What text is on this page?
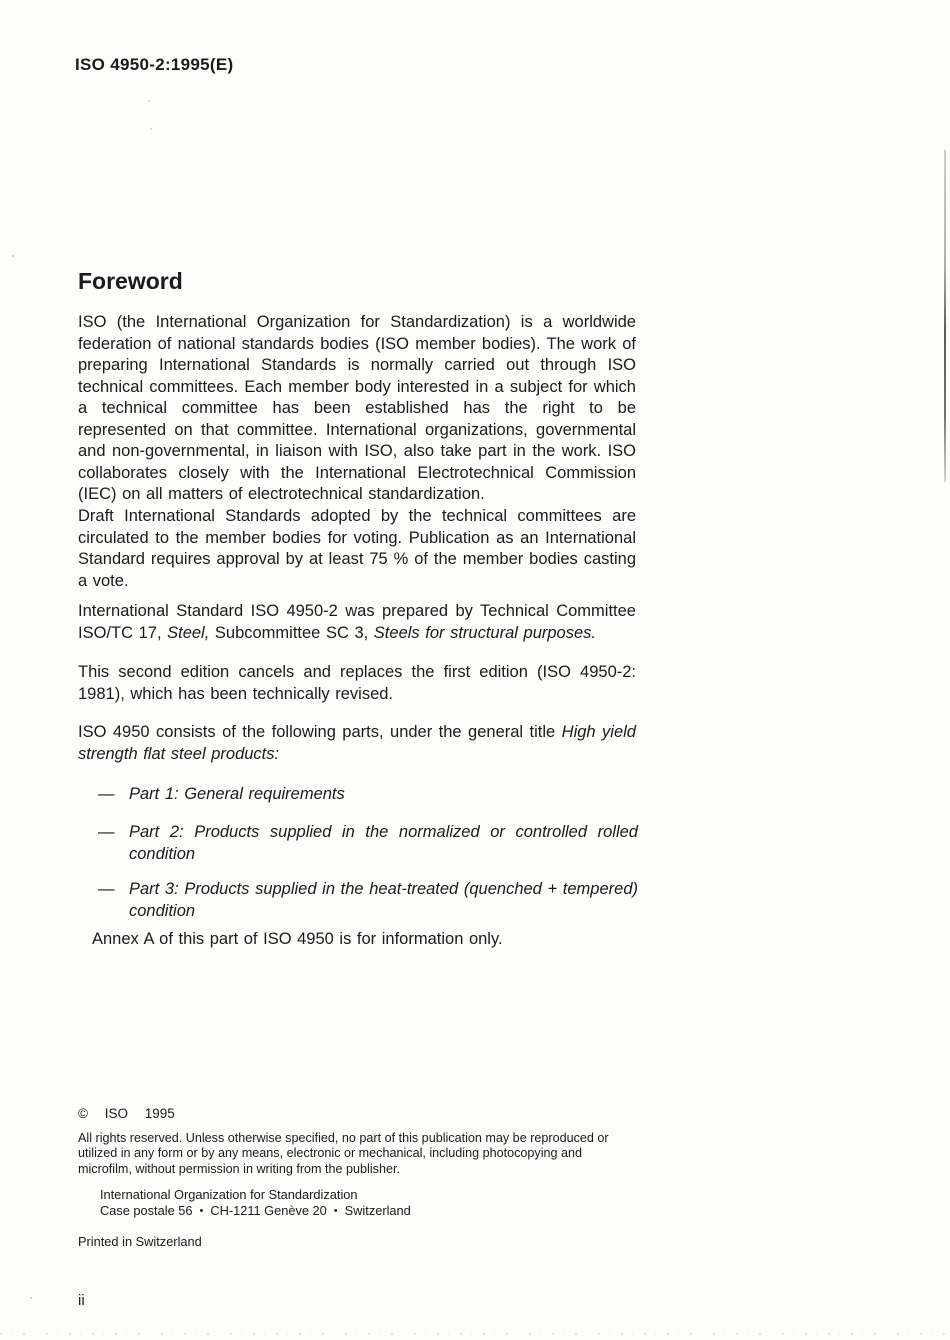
ISO 4950-2:1995(E)
Foreword
ISO (the International Organization for Standardization) is a worldwide federation of national standards bodies (ISO member bodies). The work of preparing International Standards is normally carried out through ISO technical committees. Each member body interested in a subject for which a technical committee has been established has the right to be represented on that committee. International organizations, governmental and non-governmental, in liaison with ISO, also take part in the work. ISO collaborates closely with the International Electrotechnical Commission (IEC) on all matters of electrotechnical standardization.
Draft International Standards adopted by the technical committees are circulated to the member bodies for voting. Publication as an International Standard requires approval by at least 75 % of the member bodies casting a vote.
International Standard ISO 4950-2 was prepared by Technical Committee ISO/TC 17, Steel, Subcommittee SC 3, Steels for structural purposes.
This second edition cancels and replaces the first edition (ISO 4950-2: 1981), which has been technically revised.
ISO 4950 consists of the following parts, under the general title High yield strength flat steel products:
— Part 1: General requirements
— Part 2: Products supplied in the normalized or controlled rolled condition
— Part 3: Products supplied in the heat-treated (quenched + tempered) condition
Annex A of this part of ISO 4950 is for information only.
© ISO 1995
All rights reserved. Unless otherwise specified, no part of this publication may be reproduced or utilized in any form or by any means, electronic or mechanical, including photocopying and microfilm, without permission in writing from the publisher.
International Organization for Standardization
Case postale 56 • CH-1211 Genève 20 • Switzerland
Printed in Switzerland
ii
